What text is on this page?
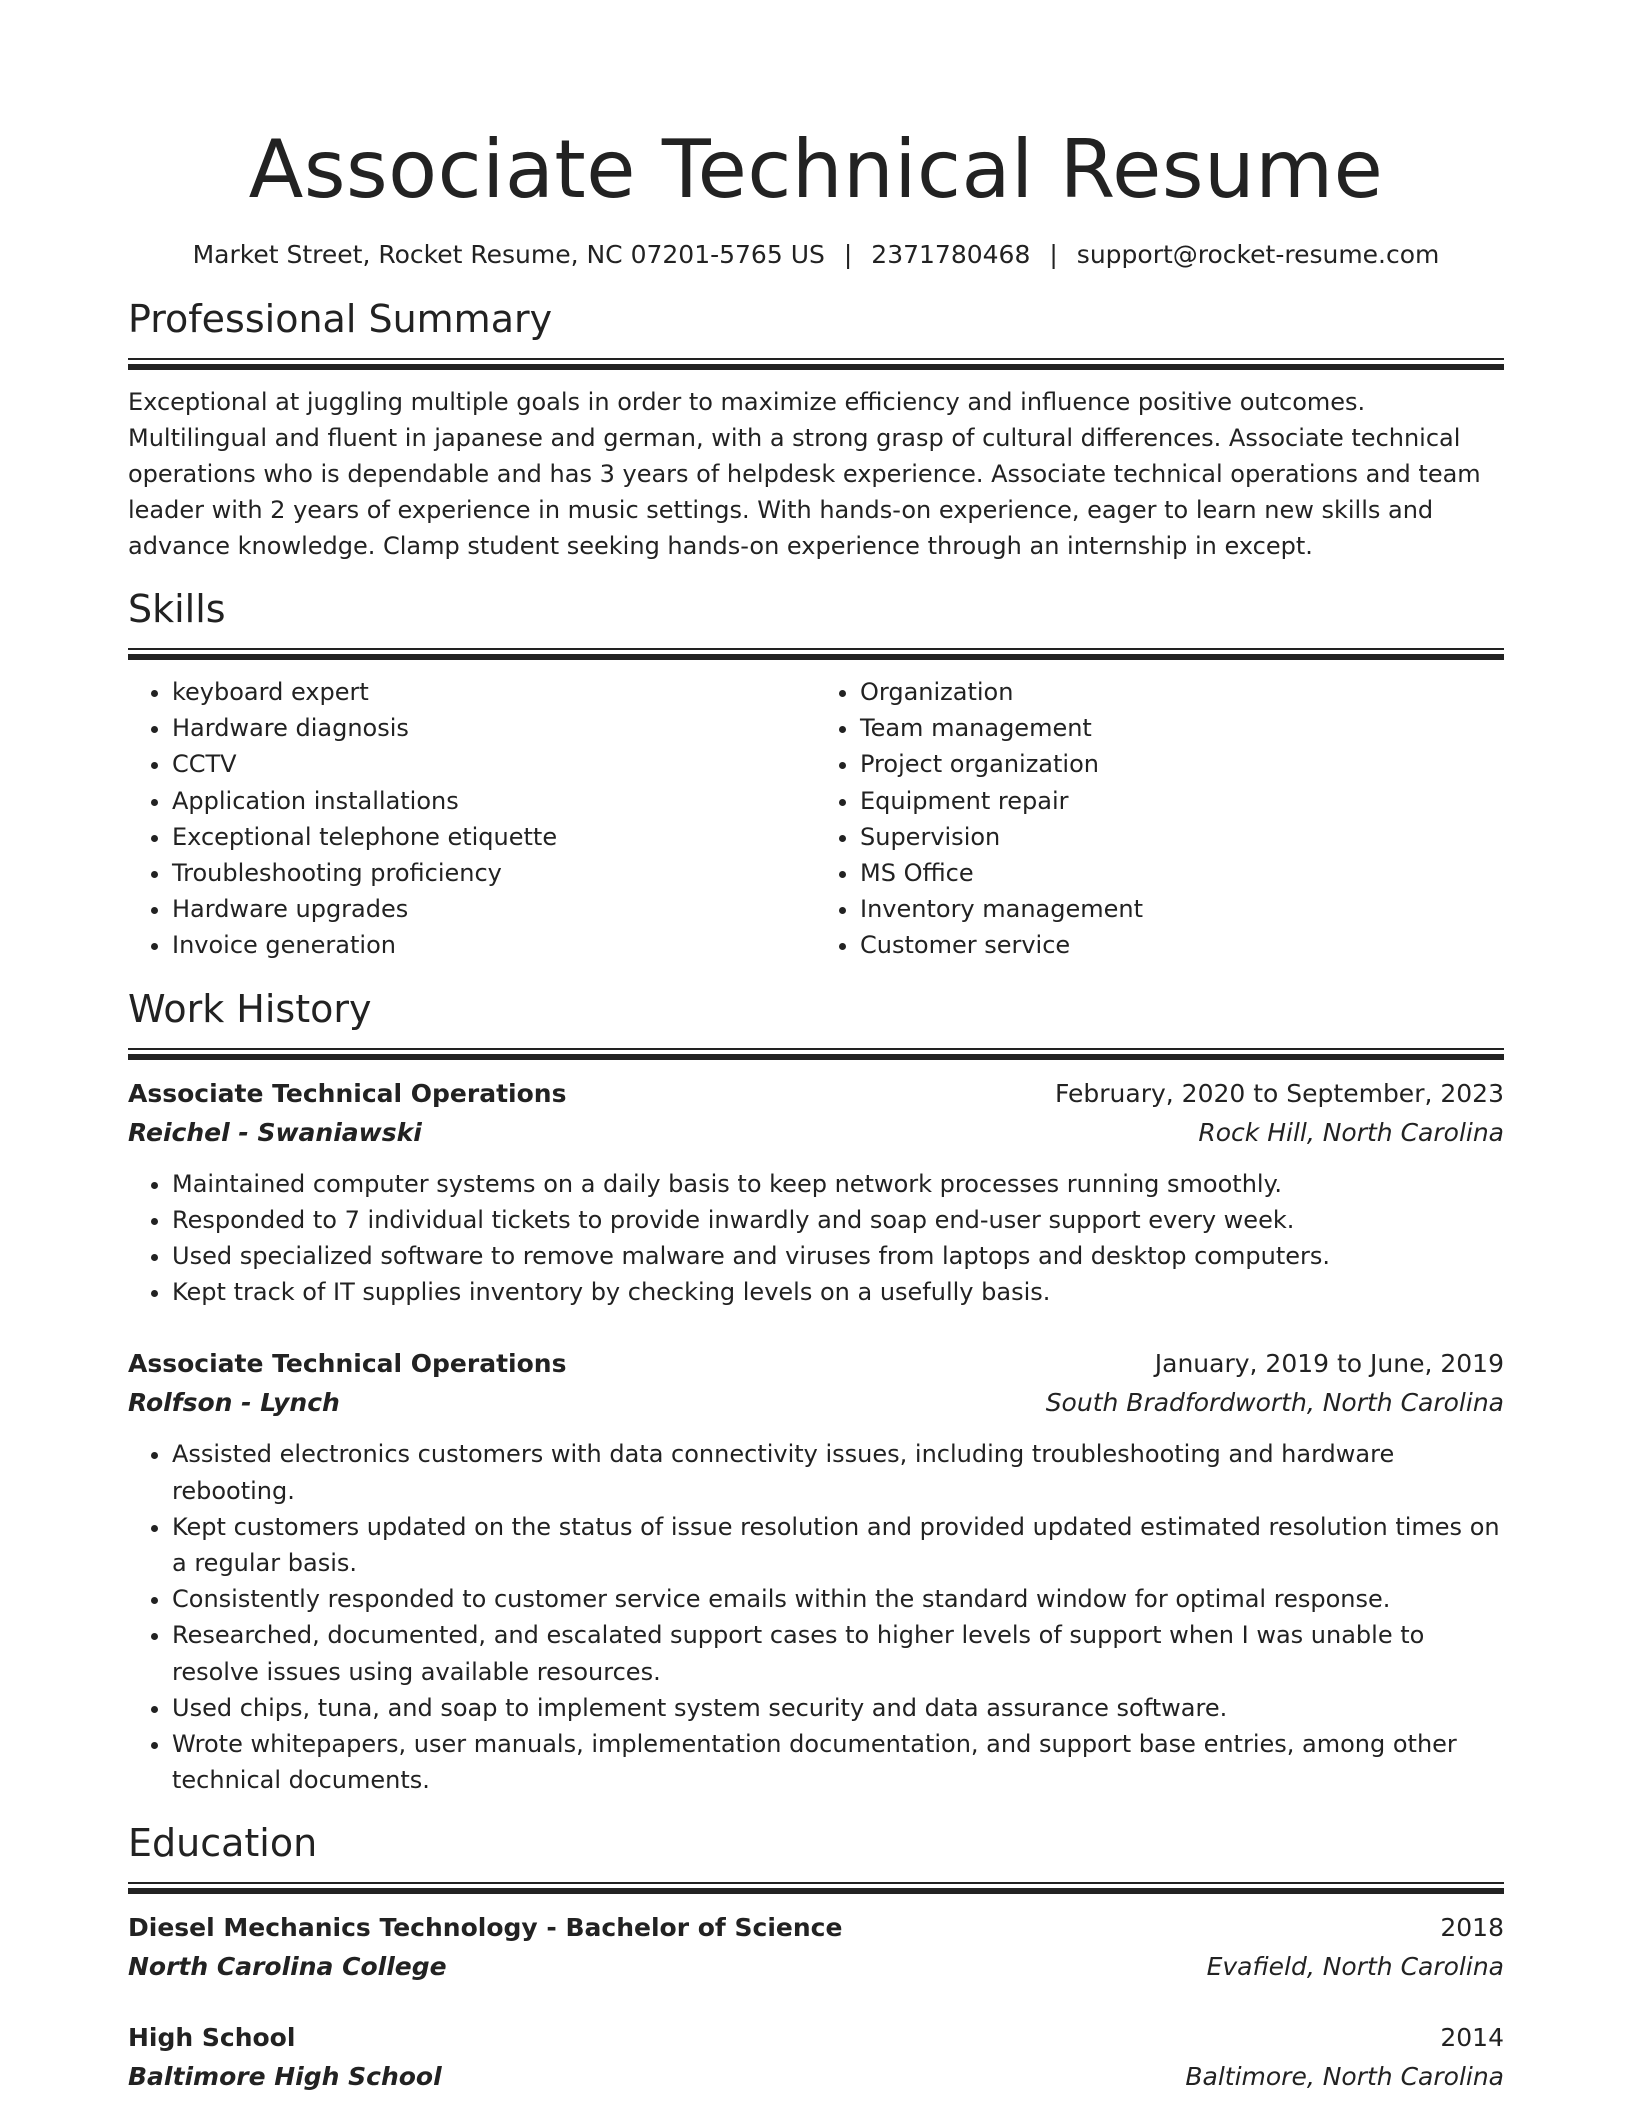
Associate Technical Resume
Market Street, Rocket Resume, NC 07201-5765 US | 2371780468 | support@rocket-resume.com
Professional Summary
Exceptional at juggling multiple goals in order to maximize efficiency and influence positive outcomes. Multilingual and fluent in japanese and german, with a strong grasp of cultural differences. Associate technical operations who is dependable and has 3 years of helpdesk experience. Associate technical operations and team leader with 2 years of experience in music settings. With hands-on experience, eager to learn new skills and advance knowledge. Clamp student seeking hands-on experience through an internship in except.
Skills
• keyboard expert
• Hardware diagnosis
• CCTV
• Application installations
• Exceptional telephone etiquette
• Troubleshooting proficiency
• Hardware upgrades
• Invoice generation
• Organization
• Team management
• Project organization
• Equipment repair
• Supervision
• MS Office
• Inventory management
• Customer service
Work History
Associate Technical Operations	February, 2020 to September, 2023
Reichel - Swaniawski	Rock Hill, North Carolina
• Maintained computer systems on a daily basis to keep network processes running smoothly.
• Responded to 7 individual tickets to provide inwardly and soap end-user support every week.
• Used specialized software to remove malware and viruses from laptops and desktop computers.
• Kept track of IT supplies inventory by checking levels on a usefully basis.
Associate Technical Operations	January, 2019 to June, 2019
Rolfson - Lynch	South Bradfordworth, North Carolina
• Assisted electronics customers with data connectivity issues, including troubleshooting and hardware rebooting.
• Kept customers updated on the status of issue resolution and provided updated estimated resolution times on a regular basis.
• Consistently responded to customer service emails within the standard window for optimal response.
• Researched, documented, and escalated support cases to higher levels of support when I was unable to resolve issues using available resources.
• Used chips, tuna, and soap to implement system security and data assurance software.
• Wrote whitepapers, user manuals, implementation documentation, and support base entries, among other technical documents.
Education
Diesel Mechanics Technology - Bachelor of Science	2018
North Carolina College	Evafield, North Carolina
High School	2014
Baltimore High School	Baltimore, North Carolina
